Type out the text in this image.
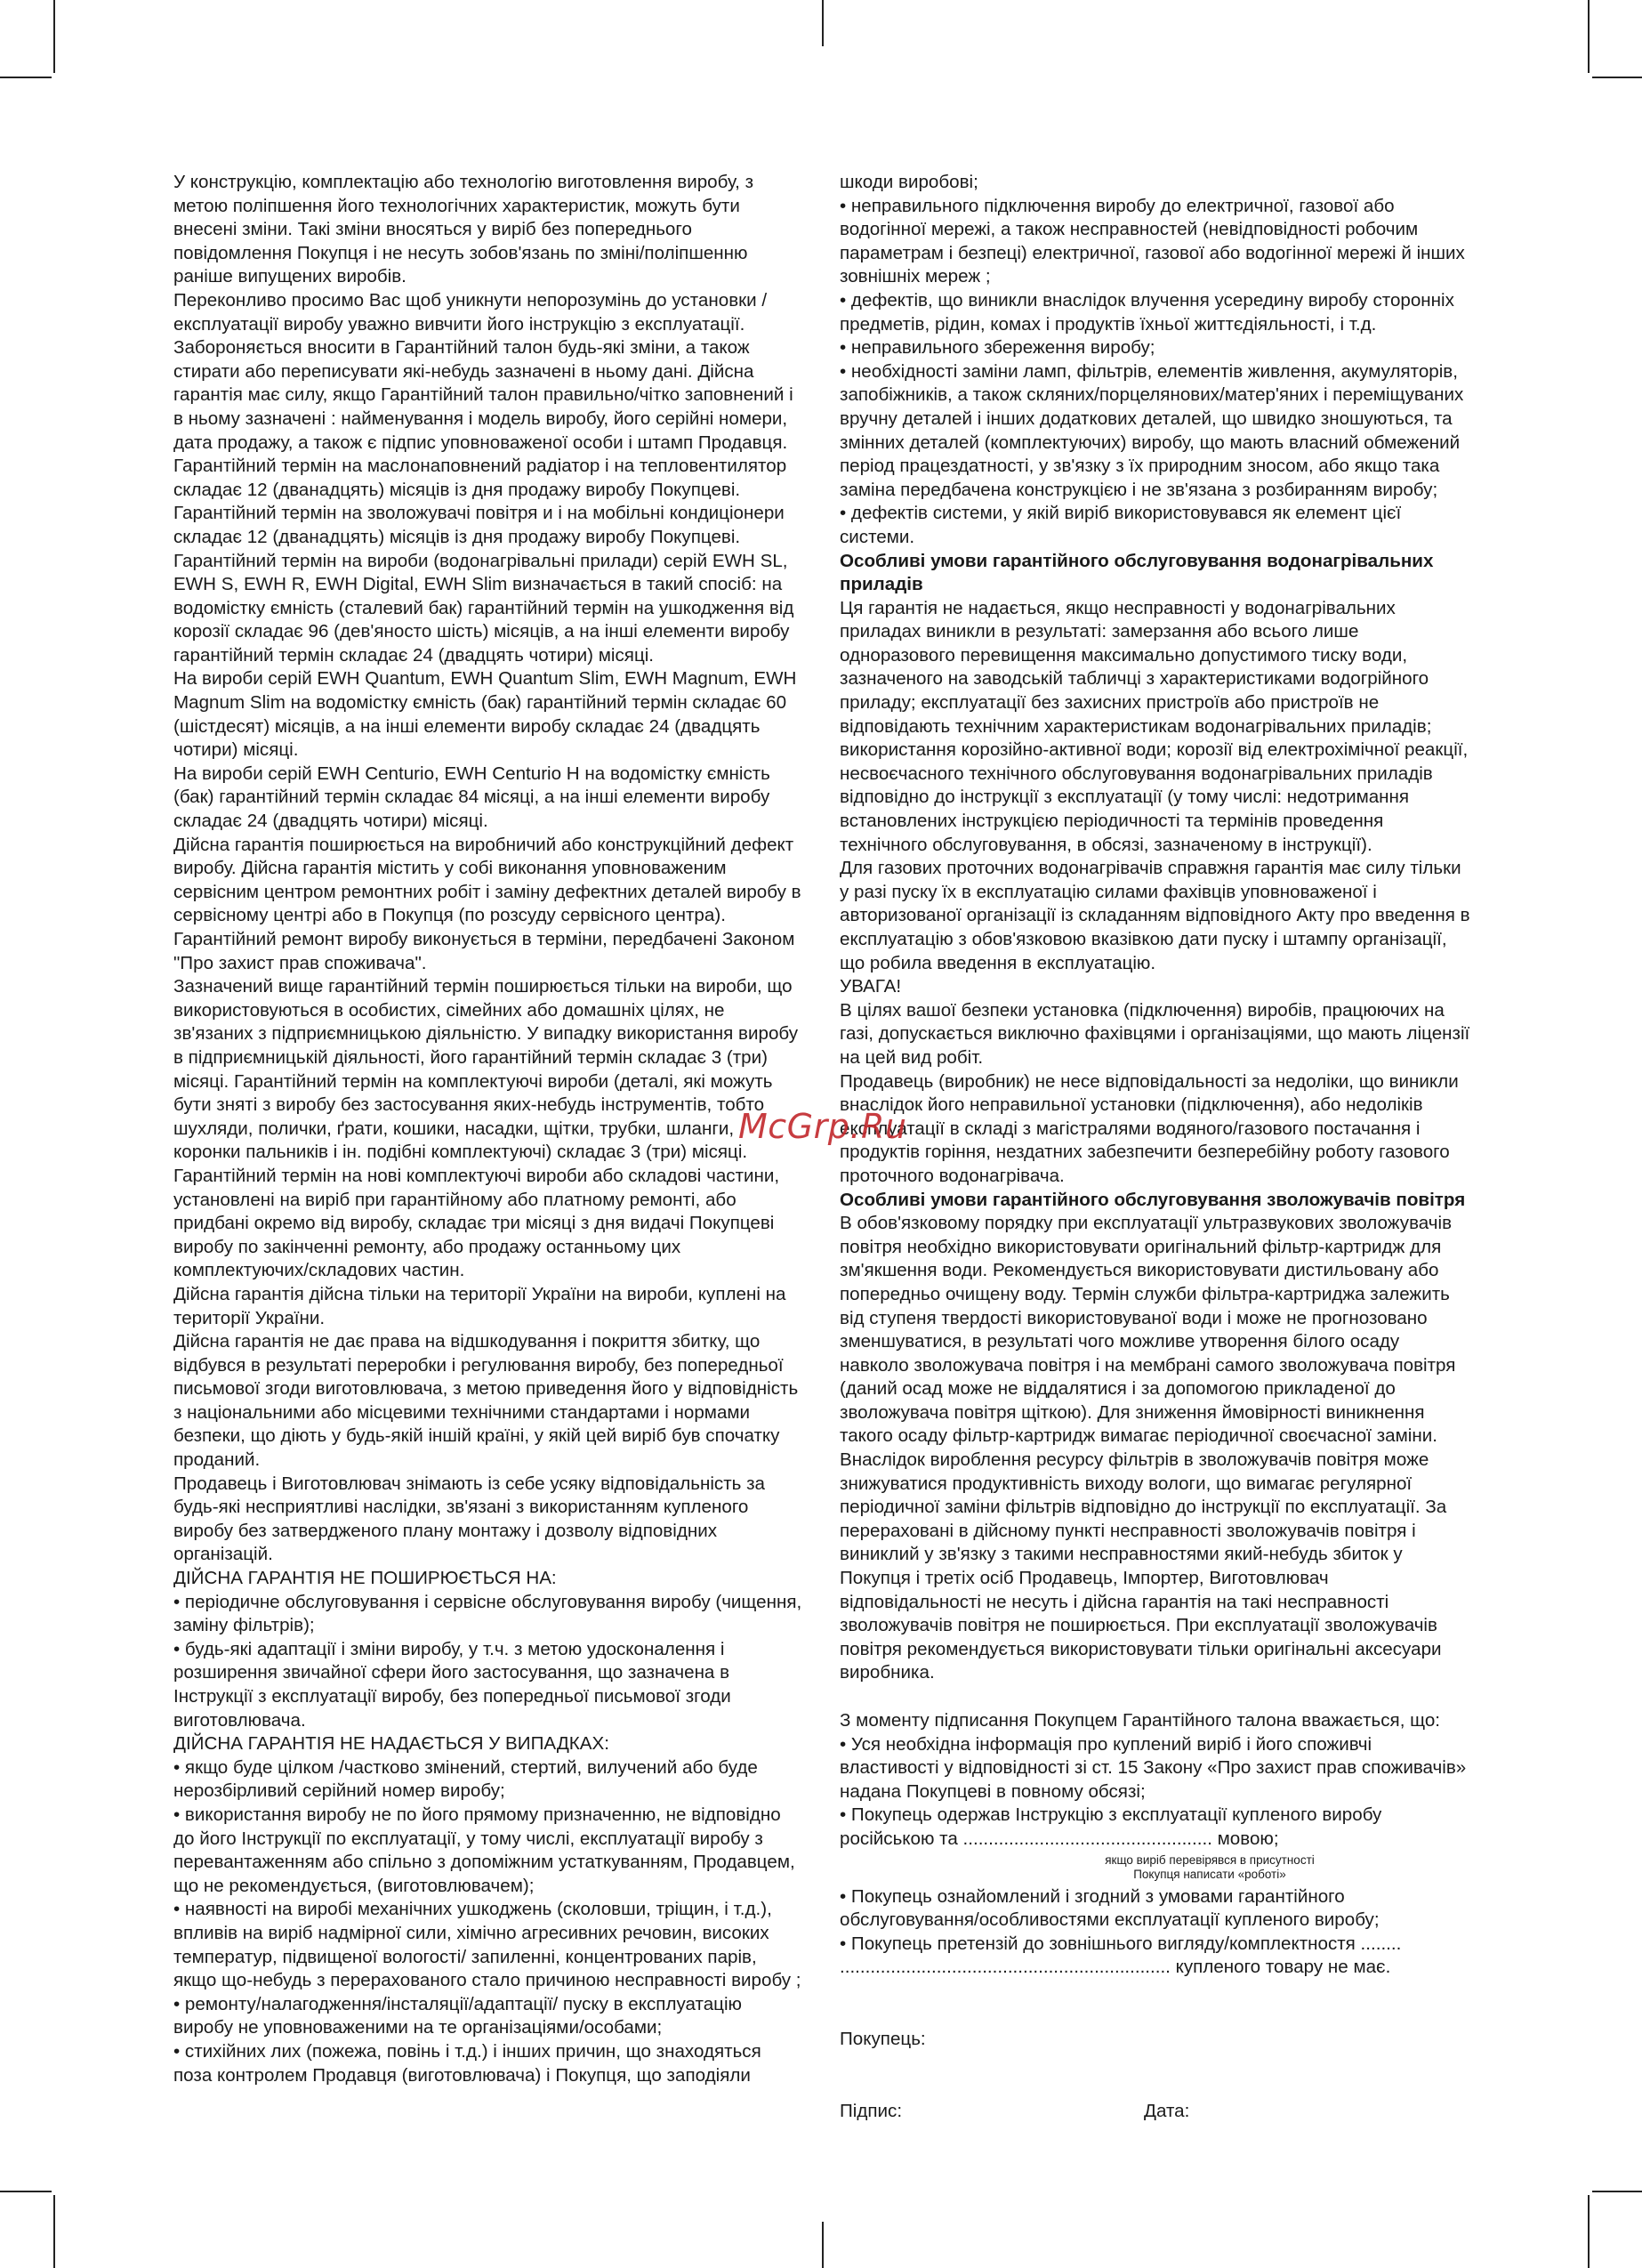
У конструкцію, комплектацію або технологію виготовлення виробу, з метою поліпшення його технологічних характеристик, можуть бути внесені зміни. Такі зміни вносяться у виріб без попереднього повідомлення Покупця і не несуть зобов'язань по зміні/поліпшенню раніше випущених виробів.

Переконливо просимо Вас щоб уникнути непорозумінь до установки /експлуатації виробу уважно вивчити його інструкцію з експлуатації.

Забороняється вносити в Гарантійний талон будь-які зміни, а також стирати або переписувати які-небудь зазначені в ньому дані. Дійсна гарантія має силу, якщо Гарантійний талон правильно/чітко заповнений і в ньому зазначені : найменування і модель виробу, його серійні номери, дата продажу, а також є підпис уповноваженої особи і штамп Продавця.

Гарантійний термін на маслонаповнений радіатор і на тепловентилятор складає 12 (дванадцять) місяців із дня продажу виробу Покупцеві.

Гарантійний термін на зволожувачі повітря и і на мобільні кондиціонери складає 12 (дванадцять) місяців із дня продажу виробу Покупцеві.

Гарантійний термін на вироби (водонагрівальні прилади) серій EWH SL, EWH S, EWH R, EWH Digital, EWH Slim визначається в такий спосіб: на водомістку ємність (сталевий бак) гарантійний термін на ушкодження від корозії складає 96 (дев'яносто шість) місяців, а на інші елементи виробу гарантійний термін складає 24 (двадцять чотири) місяці.

На вироби серій EWH Quantum, EWH Quantum Slim, EWH Magnum, EWH Magnum Slim на водомістку ємність (бак) гарантійний термін складає 60 (шістдесят) місяців, а на інші елементи виробу складає 24 (двадцять чотири) місяці.

На вироби серій EWH Centurio, EWH Centurio H на водомістку ємність (бак) гарантійний термін складає 84 місяці, а на інші елементи виробу складає 24 (двадцять чотири) місяці.

Дійсна гарантія поширюється на виробничий або конструкційний дефект виробу. Дійсна гарантія містить у собі виконання уповноваженим сервісним центром ремонтних робіт і заміну дефектних деталей виробу в сервісному центрі або в Покупця (по розсуду сервісного центра). Гарантійний ремонт виробу виконується в терміни, передбачені Законом "Про захист прав споживача".

Зазначений вище гарантійний термін поширюється тільки на вироби, що використовуються в особистих, сімейних або домашніх цілях, не зв'язаних з підприємницькою діяльністю. У випадку використання виробу в підприємницькій діяльності, його гарантійний термін складає 3 (три) місяці. Гарантійний термін на комплектуючі вироби (деталі, які можуть бути зняті з виробу без застосування яких-небудь інструментів, тобто шухляди, полички, ґрати, кошики, насадки, щітки, трубки, шланги, коронки пальників і ін. подібні комплектуючі) складає 3 (три) місяці. Гарантійний термін на нові комплектуючі вироби або складові частини, установлені на виріб при гарантійному або платному ремонті, або придбані окремо від виробу, складає три місяці з дня видачі Покупцеві виробу по закінченні ремонту, або продажу останньому цих комплектуючих/складових частин.

Дійсна гарантія дійсна тільки на території України на вироби, куплені на території України.

Дійсна гарантія не дає права на відшкодування і покриття збитку, що відбувся в результаті переробки і регулювання виробу, без попередньої письмової згоди виготовлювача, з метою приведення його у відповідність з національними або місцевими технічними стандартами і нормами безпеки, що діють у будь-якій іншій країні, у якій цей виріб був спочатку проданий.

Продавець і Виготовлювач знімають із себе усяку відповідальність за будь-які несприятливі наслідки, зв'язані з використанням купленого виробу без затвердженого плану монтажу і дозволу відповідних організацій.

ДІЙСНА ГАРАНТІЯ НЕ ПОШИРЮЄТЬСЯ НА:

• періодичне обслуговування і сервісне обслуговування виробу (чищення, заміну фільтрів);

• будь-які адаптації і зміни виробу, у т.ч. з метою удосконалення і розширення звичайної сфери його застосування, що зазначена в Інструкції з експлуатації виробу, без попередньої письмової згоди виготовлювача.

ДІЙСНА ГАРАНТІЯ НЕ НАДАЄТЬСЯ У ВИПАДКАХ:

• якщо буде цілком /частково змінений, стертий, вилучений або буде нерозбірливий серійний номер виробу;

• використання виробу не по його прямому призначенню, не відповідно до його Інструкції по експлуатації, у тому числі, експлуатації виробу з перевантаженням або спільно з допоміжним устаткуванням, Продавцем, що не рекомендується, (виготовлювачем);

• наявності на виробі механічних ушкоджень (сколовши, тріщин, і т.д.), впливів на виріб надмірної сили, хімічно агресивних речовин, високих температур, підвищеної вологості/ запиленні, концентрованих парів, якщо що-небудь з перерахованого стало причиною несправності виробу ;

• ремонту/налагодження/інсталяції/адаптації/ пуску в експлуатацію виробу не уповноваженими на те організаціями/особами;

• стихійних лих (пожежа, повінь і т.д.) і інших причин, що знаходяться поза контролем Продавця (виготовлювача) і Покупця, що заподіяли

шкоди виробові;

• неправильного підключення виробу до електричної, газової або водогінної мережі, а також несправностей (невідповідності робочим параметрам і безпеці) електричної, газової або водогінної мережі й інших зовнішніх мереж ;

• дефектів, що виникли внаслідок влучення усередину виробу сторонніх предметів, рідин, комах і продуктів їхньої життєдіяльності, і т.д.

• неправильного збереження виробу;

• необхідності заміни ламп, фільтрів, елементів живлення, акумуляторів, запобіжників, а також скляних/порцелянових/матер'яних і переміщуваних вручну деталей і інших додаткових деталей, що швидко зношуються, та змінних деталей (комплектуючих) виробу, що мають власний обмежений період працездатності, у зв'язку з їх природним зносом, або якщо така заміна передбачена конструкцією і не зв'язана з розбиранням виробу;

• дефектів системи, у якій виріб використовувався як елемент цієї системи.

Особливі умови гарантійного обслуговування водонагрівальних приладів

Ця гарантія не надається, якщо несправності у водонагрівальних приладах виникли в результаті: замерзання або всього лише одноразового перевищення максимально допустимого тиску води, зазначеного на заводській табличці з характеристиками водогрійного приладу; експлуатації без захисних пристроїв або пристроїв не відповідають технічним характеристикам водонагрівальних приладів; використання корозійно-активної води; корозії від електрохімічної реакції, несвоєчасного технічного обслуговування водонагрівальних приладів відповідно до інструкції з експлуатації (у тому числі: недотримання встановлених інструкцією періодичності та термінів проведення технічного обслуговування, в обсязі, зазначеному в інструкції).

Для газових проточних водонагрівачів справжня гарантія має силу тільки у разі пуску їх в експлуатацію силами фахівців уповноваженої і авторизованої організації із складанням відповідного Акту про введення в експлуатацію з обов'язковою вказівкою дати пуску і штампу організації, що робила введення в експлуатацію.

УВАГА!

В цілях вашої безпеки установка (підключення) виробів, працюючих на газі, допускається виключно фахівцями і організаціями, що мають ліцензії на цей вид робіт.

Продавець (виробник) не несе відповідальності за недоліки, що виникли внаслідок його неправильної установки (підключення), або недоліків експлуатації в складі з магістралями водяного/газового постачання і продуктів горіння, нездатних забезпечити безперебійну роботу газового проточного водонагрівача.

Особливі умови гарантійного обслуговування зволожувачів повітря

В обов'язковому порядку при експлуатації ультразвукових зволожувачів повітря необхідно використовувати оригінальний фільтр-картридж для зм'якшення води. Рекомендується використовувати дистильовану або попередньо очищену воду. Термін служби фільтра-картриджа залежить від ступеня твердості використовуваної води і може не прогнозовано зменшуватися, в результаті чого можливе утворення білого осаду навколо зволожувача повітря і на мембрані самого зволожувача повітря (даний осад може не віддалятися і за допомогою прикладеної до зволожувача повітря щіткою). Для зниження ймовірності виникнення такого осаду фільтр-картридж вимагає періодичної своєчасної заміни. Внаслідок вироблення ресурсу фільтрів в зволожувачів повітря може знижуватися продуктивність виходу вологи, що вимагає регулярної періодичної заміни фільтрів відповідно до інструкції по експлуатації. За перераховані в дійсному пункті несправності зволожувачів повітря і виниклий у зв'язку з такими несправностями який-небудь збиток у Покупця і третіх осіб Продавець, Імпортер, Виготовлювач відповідальності не несуть і дійсна гарантія на такі несправності зволожувачів повітря не поширюється. При експлуатації зволожувачів повітря рекомендується використовувати тільки оригінальні аксесуари виробника.

З моменту підписання Покупцем Гарантійного талона вважається, що:

• Уся необхідна інформація про куплений виріб і його споживчі властивості у відповідності зі ст. 15 Закону «Про захист прав споживачів» надана Покупцеві в повному обсязі;

• Покупець одержав Інструкцію з експлуатації купленого виробу російською та ................................................. мовою;

якщо виріб перевірявся в присутності
Покупця написати «роботі»

• Покупець ознайомлений і згодний з умовами гарантійного обслуговування/особливостями експлуатації купленого виробу;

• Покупець претензій до зовнішнього вигляду/комплектностя ........ ................................................................. купленого товару не має.

Покупець:

Підпис:	Дата:
McGrp.Ru
